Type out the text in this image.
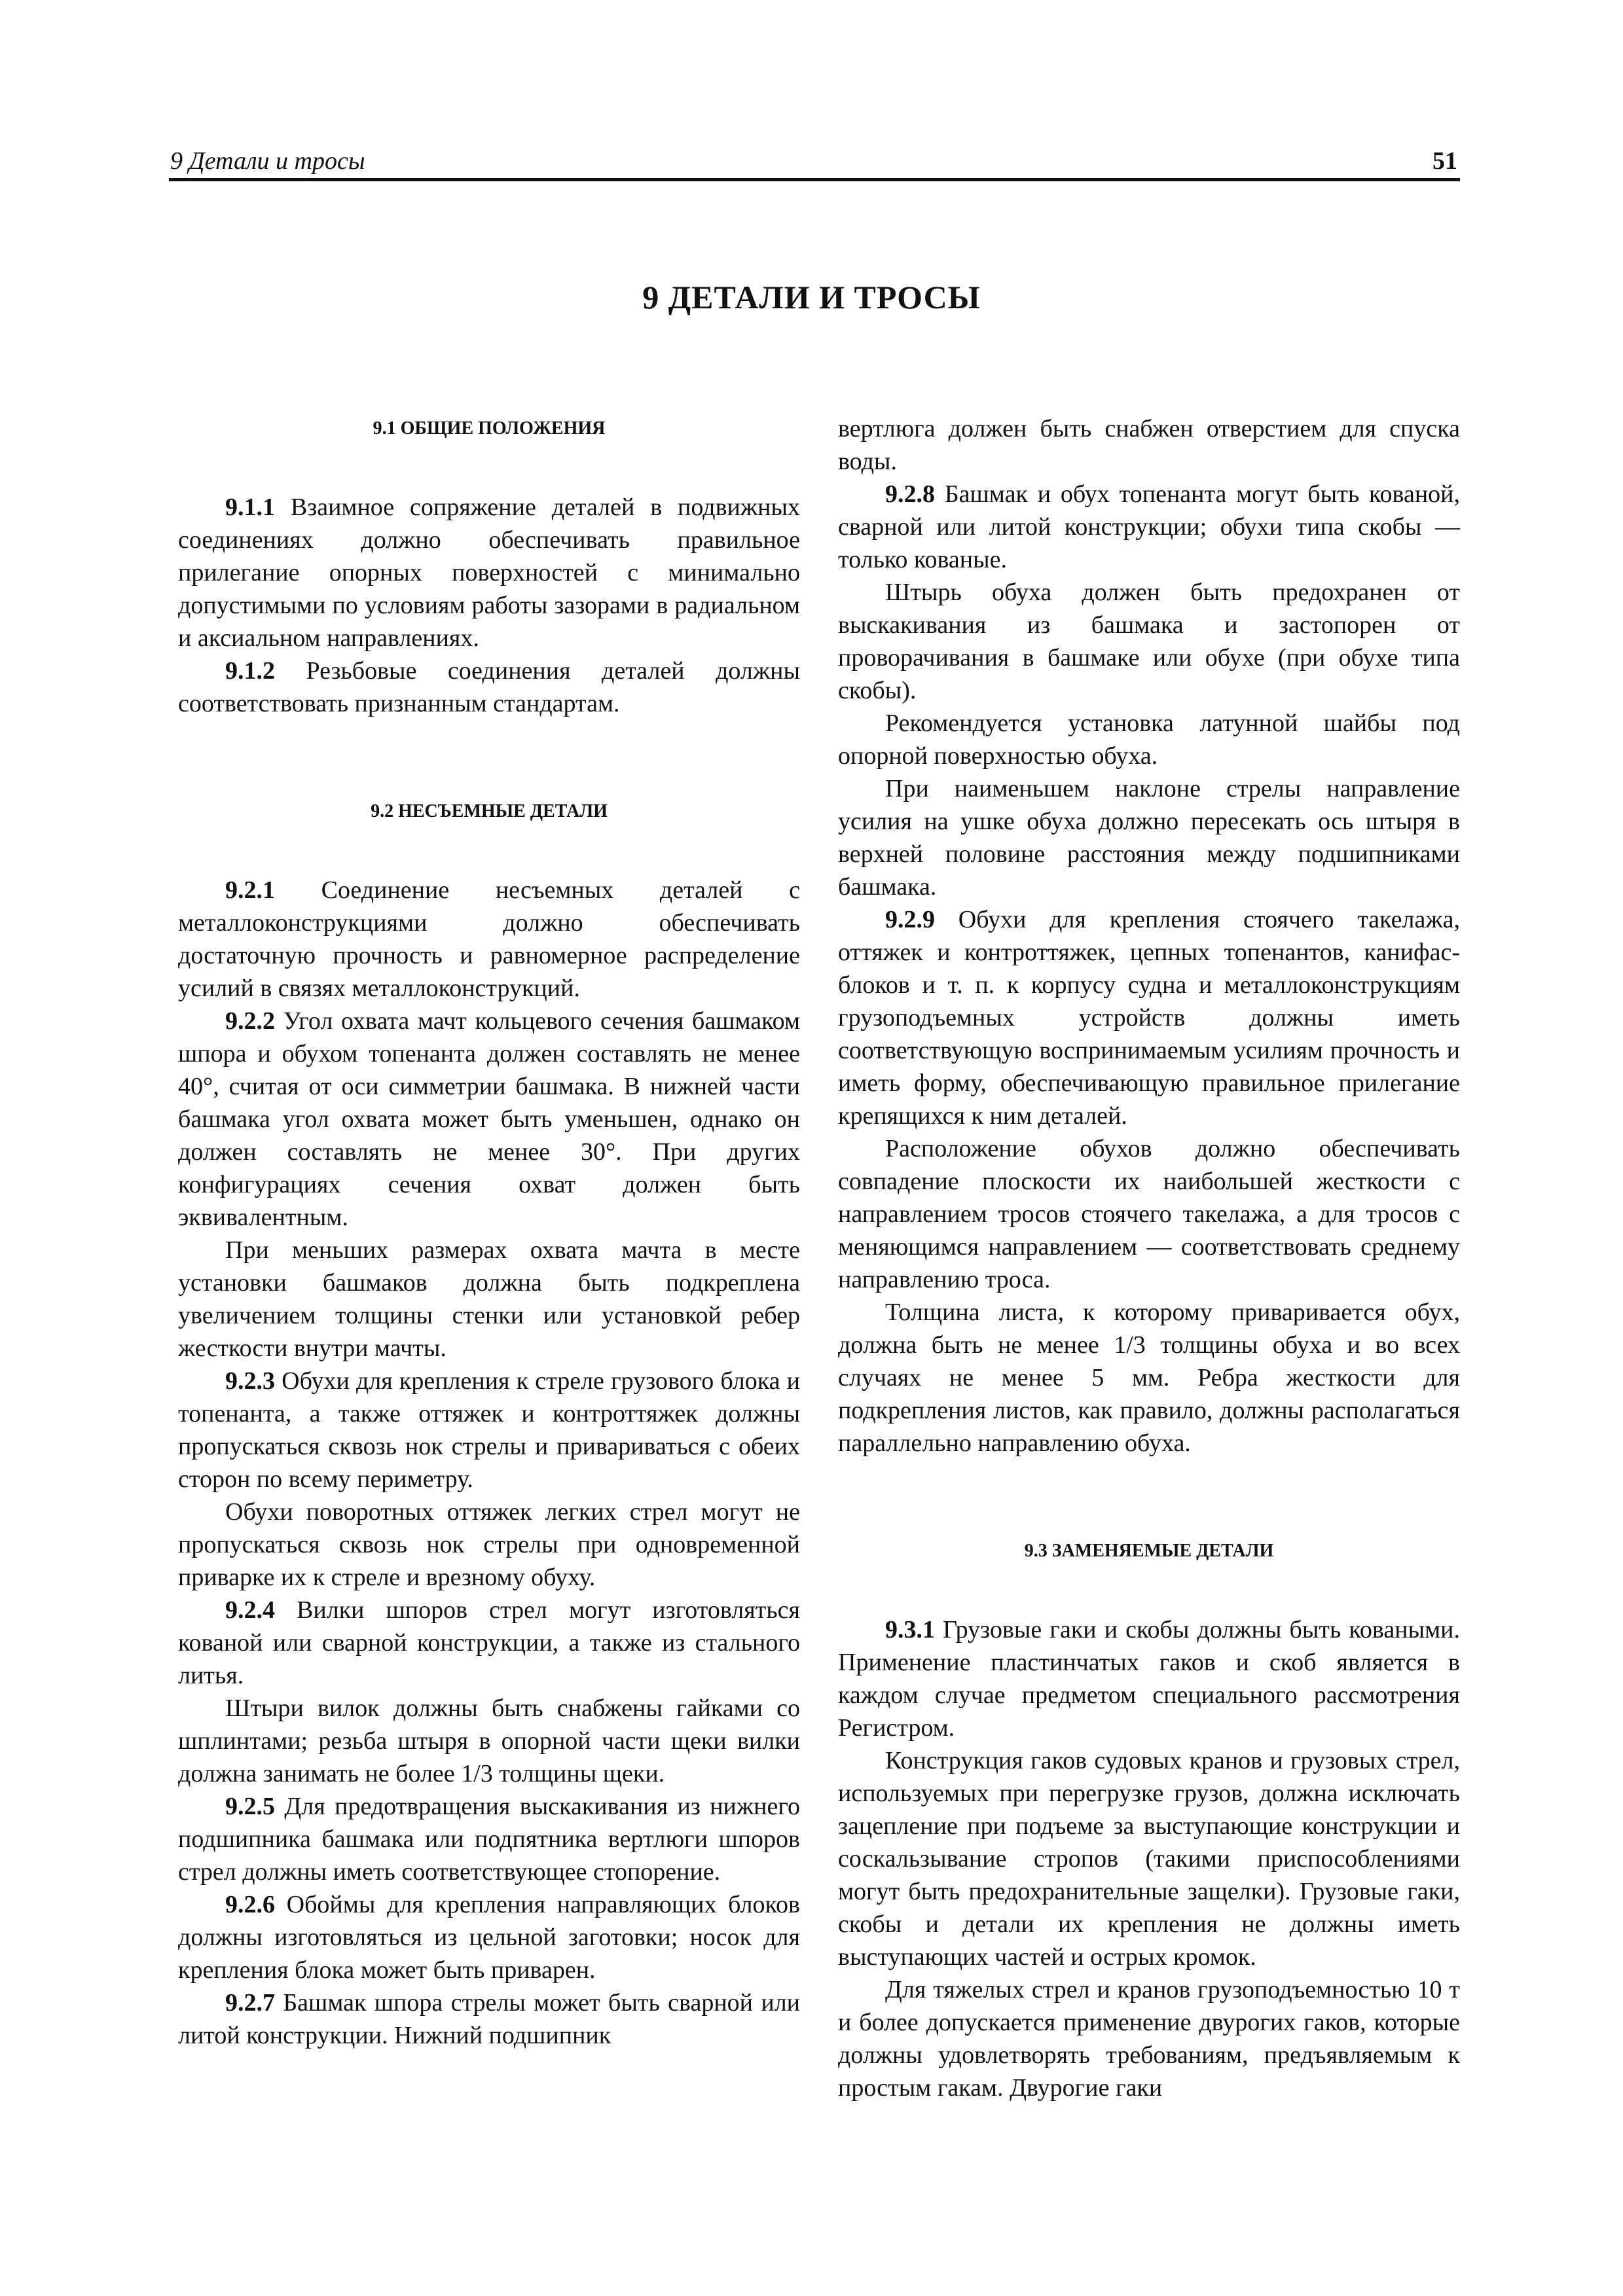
9 Детали и тросы	51
9 ДЕТАЛИ И ТРОСЫ
9.1 ОБЩИЕ ПОЛОЖЕНИЯ

9.1.1 Взаимное сопряжение деталей в подвижных соединениях должно обеспечивать правильное прилегание опорных поверхностей с минимально допустимыми по условиям работы зазорами в радиальном и аксиальном направлениях.

9.1.2 Резьбовые соединения деталей должны соответствовать признанным стандартам.

9.2 НЕСЪЕМНЫЕ ДЕТАЛИ

9.2.1 Соединение несъемных деталей с металлоконструкциями должно обеспечивать достаточную прочность и равномерное распределение усилий в связях металлоконструкций.

9.2.2 Угол охвата мачт кольцевого сечения башмаком шпора и обухом топенанта должен составлять не менее 40°, считая от оси симметрии башмака. В нижней части башмака угол охвата может быть уменьшен, однако он должен составлять не менее 30°. При других конфигурациях сечения охват должен быть эквивалентным.

При меньших размерах охвата мачта в месте установки башмаков должна быть подкреплена увеличением толщины стенки или установкой ребер жесткости внутри мачты.

9.2.3 Обухи для крепления к стреле грузового блока и топенанта, а также оттяжек и контроттяжек должны пропускаться сквозь нок стрелы и привариваться с обеих сторон по всему периметру.

Обухи поворотных оттяжек легких стрел могут не пропускаться сквозь нок стрелы при одновременной приварке их к стреле и врезному обуху.

9.2.4 Вилки шпоров стрел могут изготовляться кованой или сварной конструкции, а также из стального литья.

Штыри вилок должны быть снабжены гайками со шплинтами; резьба штыря в опорной части щеки вилки должна занимать не более 1/3 толщины щеки.

9.2.5 Для предотвращения выскакивания из нижнего подшипника башмака или подпятника вертлюги шпоров стрел должны иметь соответствующее стопорение.

9.2.6 Обоймы для крепления направляющих блоков должны изготовляться из цельной заготовки; носок для крепления блока может быть приварен.

9.2.7 Башмак шпора стрелы может быть сварной или литой конструкции. Нижний подшипник

вертлюга должен быть снабжен отверстием для спуска воды.

9.2.8 Башмак и обух топенанта могут быть кованой, сварной или литой конструкции; обухи типа скобы — только кованые.

Штырь обуха должен быть предохранен от выскакивания из башмака и застопорен от проворачивания в башмаке или обухе (при обухе типа скобы).

Рекомендуется установка латунной шайбы под опорной поверхностью обуха.

При наименьшем наклоне стрелы направление усилия на ушке обуха должно пересекать ось штыря в верхней половине расстояния между подшипниками башмака.

9.2.9 Обухи для крепления стоячего такелажа, оттяжек и контроттяжек, цепных топенантов, канифас-блоков и т. п. к корпусу судна и металлоконструкциям грузоподъемных устройств должны иметь соответствующую воспринимаемым усилиям прочность и иметь форму, обеспечивающую правильное прилегание крепящихся к ним деталей.

Расположение обухов должно обеспечивать совпадение плоскости их наибольшей жесткости с направлением тросов стоячего такелажа, а для тросов с меняющимся направлением — соответствовать среднему направлению троса.

Толщина листа, к которому приваривается обух, должна быть не менее 1/3 толщины обуха и во всех случаях не менее 5 мм. Ребра жесткости для подкрепления листов, как правило, должны располагаться параллельно направлению обуха.

9.3 ЗАМЕНЯЕМЫЕ ДЕТАЛИ

9.3.1 Грузовые гаки и скобы должны быть коваными. Применение пластинчатых гаков и скоб является в каждом случае предметом специального рассмотрения Регистром.

Конструкция гаков судовых кранов и грузовых стрел, используемых при перегрузке грузов, должна исключать зацепление при подъеме за выступающие конструкции и соскальзывание стропов (такими приспособлениями могут быть предохранительные защелки). Грузовые гаки, скобы и детали их крепления не должны иметь выступающих частей и острых кромок.

Для тяжелых стрел и кранов грузоподъемностью 10 т и более допускается применение двурогих гаков, которые должны удовлетворять требованиям, предъявляемым к простым гакам. Двурогие гаки
